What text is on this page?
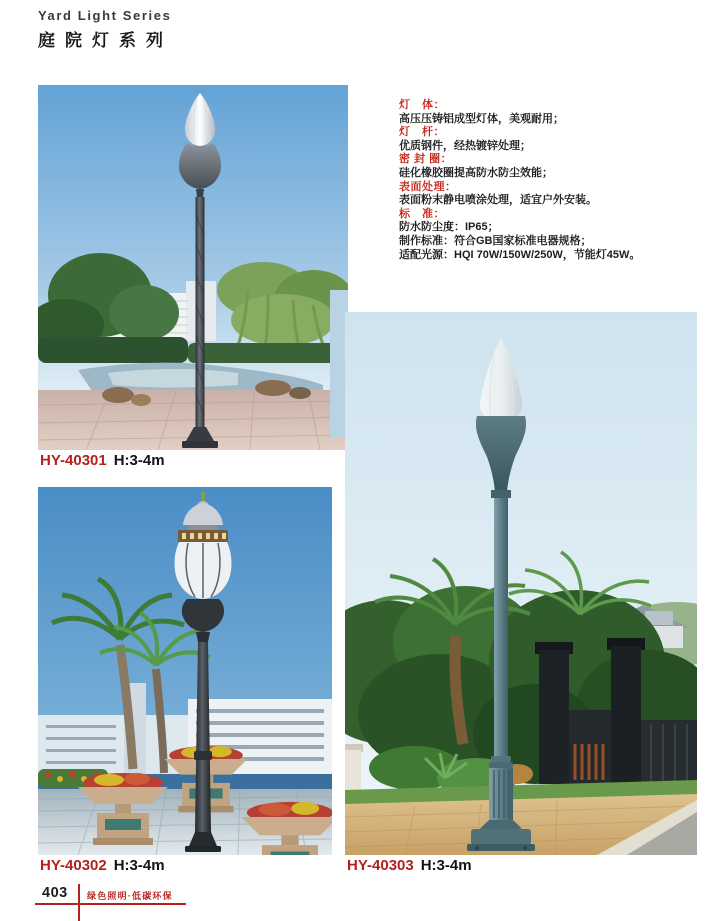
Yard Light Series
庭院灯系列
灯　体：
高压压铸铝成型灯体，美观耐用；
灯　杆：
优质钢件，经热镀锌处理；
密 封 圈：
硅化橡胶圈提高防水防尘效能；
表面处理：
表面粉末静电喷涂处理，适宜户外安装。
标　准：
防水防尘度：IP65；
制作标准：符合GB国家标准电器规格；
适配光源：HQI 70W/150W/250W，节能灯45W。
HY-40301 H:3-4m
HY-40302 H:3-4m	HY-40303 H:3-4m
403 绿色照明·低碳环保
